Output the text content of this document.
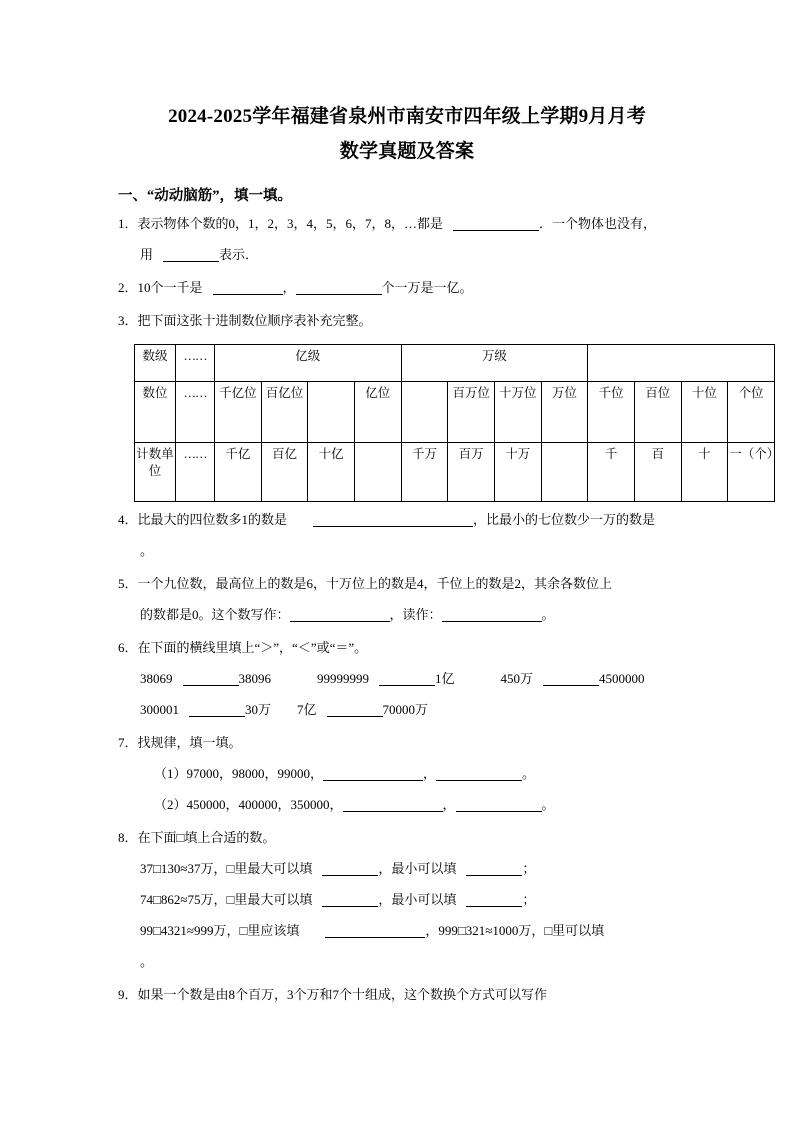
2024-2025学年福建省泉州市南安市四年级上学期9月月考
数学真题及答案
一、“动动脑筋”，填一填。
1．表示物体个数的0，1，2，3，4，5，6，7，8，…都是	．一个物体也没有，
用	表示．
2．10个一千是	，	个一万是一亿。
3．把下面这张十进制数位顺序表补充完整。
数级	……	亿级				万级							
数位	……	千亿位	百亿位		亿位		百万位	十万位	万位	千位	百位	十位	个位
计数单位	……	千亿	百亿	十亿		千万	百万	十万		千	百	十	一（个）
4．比最大的四位数多1的数是	，比最小的七位数少一万的数是
。
5．一个九位数，最高位上的数是6，十万位上的数是4，千位上的数是2，其余各数位上
的数都是0。这个数写作：	，读作：	。
6．在下面的横线里填上“＞”，“＜”或“＝”。
38069	38096	99999999	1亿	450万	4500000
300001	30万 7亿	70000万
7．找规律，填一填。
（1）97000，98000，99000，	，	。
（2）450000，400000，350000，	，	。
8．在下面□填上合适的数。
37□130≈37万，□里最大可以填	，最小可以填	；
74□862≈75万，□里最大可以填	，最小可以填	；
99□4321≈999万，□里应该填	，999□321≈1000万，□里可以填
。
9．如果一个数是由8个百万，3个万和7个十组成，这个数换个方式可以写作
